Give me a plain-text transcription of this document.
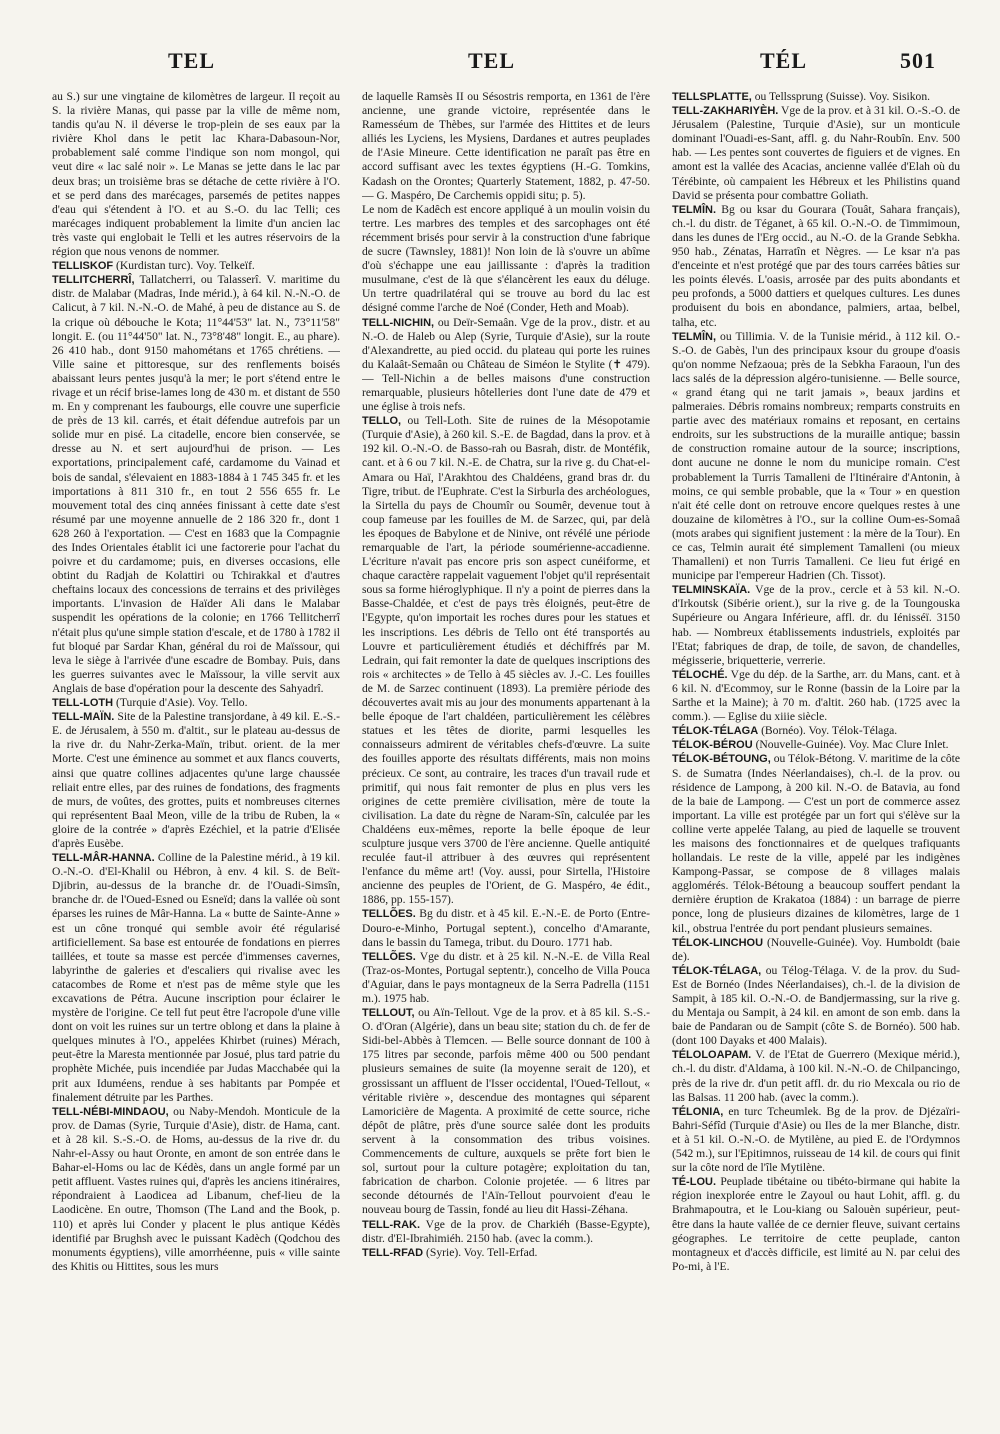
TEL	TEL	TÉL	501

au S.) sur une vingtaine de kilomètres de largeur. Il reçoit au S. la rivière Manas, qui passe par la ville de même nom, tandis qu'au N. il déverse le trop-plein de ses eaux par la rivière Khol dans le petit lac Khara-Dabasoun-Nor, probablement salé comme l'indique son nom mongol, qui veut dire « lac salé noir ». Le Manas se jette dans le lac par deux bras; un troisième bras se détache de cette rivière à l'O. et se perd dans des marécages, parsemés de petites nappes d'eau qui s'étendent à l'O. et au S.-O. du lac Telli; ces marécages indiquent probablement la limite d'un ancien lac très vaste qui englobait le Telli et les autres réservoirs de la région que nous venons de nommer.

TELLISKOF (Kurdistan turc). Voy. Telkeïf.

TELLITCHERRÎ, Tallatcherri, ou Talasserî. V. maritime du distr. de Malabar (Madras, Inde mérid.), à 64 kil. N.-N.-O. de Calicut, à 7 kil. N.-N.-O. de Mahé, à peu de distance au S. de la crique où débouche le Kota; 11°44'53" lat. N., 73°11'58" longit. E. (ou 11°44'50" lat. N., 73°8'48" longit. E., au phare). 26 410 hab., dont 9150 mahométans et 1765 chrétiens. — Ville saine et pittoresque, sur des renflements boisés abaissant leurs pentes jusqu'à la mer; le port s'étend entre le rivage et un récif brise-lames long de 430 m. et distant de 550 m. En y comprenant les faubourgs, elle couvre une superficie de près de 13 kil. carrés, et était défendue autrefois par un solide mur en pisé. La citadelle, encore bien conservée, se dresse au N. et sert aujourd'hui de prison. — Les exportations, principalement café, cardamome du Vainad et bois de sandal, s'élevaient en 1883-1884 à 1 745 345 fr. et les importations à 811 310 fr., en tout 2 556 655 fr. Le mouvement total des cinq années finissant à cette date s'est résumé par une moyenne annuelle de 2 186 320 fr., dont 1 628 260 à l'exportation. — C'est en 1683 que la Compagnie des Indes Orientales établit ici une factorerie pour l'achat du poivre et du cardamome; puis, en diverses occasions, elle obtint du Radjah de Kolattiri ou Tchirakkal et d'autres cheftains locaux des concessions de terrains et des privilèges importants. L'invasion de Haïder Ali dans le Malabar suspendit les opérations de la colonie; en 1766 Tellitcherrî n'était plus qu'une simple station d'escale, et de 1780 à 1782 il fut bloqué par Sardar Khan, général du roi de Maïssour, qui leva le siège à l'arrivée d'une escadre de Bombay. Puis, dans les guerres suivantes avec le Maïssour, la ville servit aux Anglais de base d'opération pour la descente des Sahyadrî.

TELL-LOTH (Turquie d'Asie). Voy. Tello.

TELL-MAÏN. Site de la Palestine transjordane, à 49 kil. E.-S.-E. de Jérusalem, à 550 m. d'altit., sur le plateau au-dessus de la rive dr. du Nahr-Zerka-Maïn, tribut. orient. de la mer Morte. C'est une éminence au sommet et aux flancs couverts, ainsi que quatre collines adjacentes qu'une large chaussée reliait entre elles, par des ruines de fondations, des fragments de murs, de voûtes, des grottes, puits et nombreuses citernes qui représentent Baal Meon, ville de la tribu de Ruben, la « gloire de la contrée » d'après Ezéchiel, et la patrie d'Elisée d'après Eusèbe.

TELL-MÂR-HANNA. Colline de la Palestine mérid., à 19 kil. O.-N.-O. d'El-Khalil ou Hébron, à env. 4 kil. S. de Beït-Djibrin, au-dessus de la branche dr. de l'Ouadi-Simsîn, branche dr. de l'Oued-Esned ou Esneïd; dans la vallée où sont éparses les ruines de Mâr-Hanna. La « butte de Sainte-Anne » est un cône tronqué qui semble avoir été régularisé artificiellement. Sa base est entourée de fondations en pierres taillées, et toute sa masse est percée d'immenses cavernes, labyrinthe de galeries et d'escaliers qui rivalise avec les catacombes de Rome et n'est pas de même style que les excavations de Pétra. Aucune inscription pour éclairer le mystère de l'origine. Ce tell fut peut être l'acropole d'une ville dont on voit les ruines sur un tertre oblong et dans la plaine à quelques minutes à l'O., appelées Khirbet (ruines) Mérach, peut-être la Maresta mentionnée par Josué, plus tard patrie du prophète Michée, puis incendiée par Judas Macchabée qui la prit aux Iduméens, rendue à ses habitants par Pompée et finalement détruite par les Parthes.

TELL-NÉBI-MINDAOU, ou Naby-Mendoh. Monticule de la prov. de Damas (Syrie, Turquie d'Asie), distr. de Hama, cant. et à 28 kil. S.-S.-O. de Homs, au-dessus de la rive dr. du Nahr-el-Assy ou haut Oronte, en amont de son entrée dans le Bahar-el-Homs ou lac de Kédès, dans un angle formé par un petit affluent. Vastes ruines qui, d'après les anciens itinéraires, répondraient à Laodicea ad Libanum, chef-lieu de la Laodicène. En outre, Thomson (The Land and the Book, p. 110) et après lui Conder y placent le plus antique Kédès identifié par Brughsh avec le puissant Kadèch (Qodchou des monuments égyptiens), ville amorrhéenne, puis « ville sainte des Khitis ou Hittites, sous les murs

de laquelle Ramsès II ou Sésostris remporta, en 1361 de l'ère ancienne, une grande victoire, représentée dans le Ramesséum de Thèbes, sur l'armée des Hittites et de leurs alliés les Lyciens, les Mysiens, Dardanes et autres peuplades de l'Asie Mineure. Cette identification ne paraît pas être en accord suffisant avec les textes égyptiens (H.-G. Tomkins, Kadash on the Orontes; Quarterly Statement, 1882, p. 47-50. — G. Maspéro, De Carchemis oppidi situ; p. 5).

Le nom de Kadêch est encore appliqué à un moulin voisin du tertre. Les marbres des temples et des sarcophages ont été récemment brisés pour servir à la construction d'une fabrique de sucre (Tawnsley, 1881)! Non loin de là s'ouvre un abîme d'où s'échappe une eau jaillissante : d'après la tradition musulmane, c'est de là que s'élancèrent les eaux du déluge. Un tertre quadrilatéral qui se trouve au bord du lac est désigné comme l'arche de Noé (Conder, Heth and Moab).

TELL-NICHIN, ou Deïr-Semaân. Vge de la prov., distr. et au N.-O. de Haleb ou Alep (Syrie, Turquie d'Asie), sur la route d'Alexandrette, au pied occid. du plateau qui porte les ruines du Kalaât-Semaân ou Château de Siméon le Stylite (✝ 479). — Tell-Nichin a de belles maisons d'une construction remarquable, plusieurs hôtelleries dont l'une date de 479 et une église à trois nefs.

TELLO, ou Tell-Loth. Site de ruines de la Mésopotamie (Turquie d'Asie), à 260 kil. S.-E. de Bagdad, dans la prov. et à 192 kil. O.-N.-O. de Basso-rah ou Basrah, distr. de Montéfik, cant. et à 6 ou 7 kil. N.-E. de Chatra, sur la rive g. du Chat-el-Amara ou Haï, l'Arakhtou des Chaldéens, grand bras dr. du Tigre, tribut. de l'Euphrate. C'est la Sirburla des archéologues, la Sirtella du pays de Choumîr ou Soumêr, devenue tout à coup fameuse par les fouilles de M. de Sarzec, qui, par delà les époques de Babylone et de Ninive, ont révélé une période remarquable de l'art, la période soumérienne-accadienne. L'écriture n'avait pas encore pris son aspect cunéiforme, et chaque caractère rappelait vaguement l'objet qu'il représentait sous sa forme hiéroglyphique. Il n'y a point de pierres dans la Basse-Chaldée, et c'est de pays très éloignés, peut-être de l'Egypte, qu'on importait les roches dures pour les statues et les inscriptions. Les débris de Tello ont été transportés au Louvre et particulièrement étudiés et déchiffrés par M. Ledrain, qui fait remonter la date de quelques inscriptions des rois « architectes » de Tello à 45 siècles av. J.-C. Les fouilles de M. de Sarzec continuent (1893). La première période des découvertes avait mis au jour des monuments appartenant à la belle époque de l'art chaldéen, particulièrement les célèbres statues et les têtes de diorite, parmi lesquelles les connaisseurs admirent de véritables chefs-d'œuvre. La suite des fouilles apporte des résultats différents, mais non moins précieux. Ce sont, au contraire, les traces d'un travail rude et primitif, qui nous fait remonter de plus en plus vers les origines de cette première civilisation, mère de toute la civilisation. La date du règne de Naram-Sîn, calculée par les Chaldéens eux-mêmes, reporte la belle époque de leur sculpture jusque vers 3700 de l'ère ancienne. Quelle antiquité reculée faut-il attribuer à des œuvres qui représentent l'enfance du même art! (Voy. aussi, pour Sirtella, l'Histoire ancienne des peuples de l'Orient, de G. Maspéro, 4e édit., 1886, pp. 155-157).

TELLÕES. Bg du distr. et à 45 kil. E.-N.-E. de Porto (Entre-Douro-e-Minho, Portugal septent.), concelho d'Amarante, dans le bassin du Tamega, tribut. du Douro. 1771 hab.

TELLÕES. Vge du distr. et à 25 kil. N.-N.-E. de Villa Real (Traz-os-Montes, Portugal septentr.), concelho de Villa Pouca d'Aguiar, dans le pays montagneux de la Serra Padrella (1151 m.). 1975 hab.

TELLOUT, ou Aïn-Tellout. Vge de la prov. et à 85 kil. S.-S.-O. d'Oran (Algérie), dans un beau site; station du ch. de fer de Sidi-bel-Abbès à Tlemcen. — Belle source donnant de 100 à 175 litres par seconde, parfois même 400 ou 500 pendant plusieurs semaines de suite (la moyenne serait de 120), et grossissant un affluent de l'Isser occidental, l'Oued-Tellout, « véritable rivière », descendue des montagnes qui séparent Lamoricière de Magenta. A proximité de cette source, riche dépôt de plâtre, près d'une source salée dont les produits servent à la consommation des tribus voisines. Commencements de culture, auxquels se prête fort bien le sol, surtout pour la culture potagère; exploitation du tan, fabrication de charbon. Colonie projetée. — 6 litres par seconde détournés de l'Aïn-Tellout pourvoient d'eau le nouveau bourg de Tassin, fondé au lieu dit Hassi-Zéhana.

TELL-RAK. Vge de la prov. de Charkiéh (Basse-Egypte), distr. d'El-Ibrahimiéh. 2150 hab. (avec la comm.).

TELL-RFAD (Syrie). Voy. Tell-Erfad.

TELLSPLATTE, ou Tellssprung (Suisse). Voy. Sisikon.

TELL-ZAKHARIYÈH. Vge de la prov. et à 31 kil. O.-S.-O. de Jérusalem (Palestine, Turquie d'Asie), sur un monticule dominant l'Ouadi-es-Sant, affl. g. du Nahr-Roubîn. Env. 500 hab. — Les pentes sont couvertes de figuiers et de vignes. En amont est la vallée des Acacias, ancienne vallée d'Elah où du Térébinte, où campaient les Hébreux et les Philistins quand David se présenta pour combattre Goliath.

TELMÎN. Bg ou ksar du Gourara (Touât, Sahara français), ch.-l. du distr. de Téganet, à 65 kil. O.-N.-O. de Timmimoun, dans les dunes de l'Erg occid., au N.-O. de la Grande Sebkha. 950 hab., Zénatas, Harratîn et Nègres. — Le ksar n'a pas d'enceinte et n'est protégé que par des tours carrées bâties sur les points élevés. L'oasis, arrosée par des puits abondants et peu profonds, a 5000 dattiers et quelques cultures. Les dunes produisent du bois en abondance, palmiers, artaa, belbel, talha, etc.

TELMÎN, ou Tillimia. V. de la Tunisie mérid., à 112 kil. O.-S.-O. de Gabès, l'un des principaux ksour du groupe d'oasis qu'on nomme Nefzaoua; près de la Sebkha Faraoun, l'un des lacs salés de la dépression algéro-tunisienne. — Belle source, « grand étang qui ne tarit jamais », beaux jardins et palmeraies. Débris romains nombreux; remparts construits en partie avec des matériaux romains et reposant, en certains endroits, sur les substructions de la muraille antique; bassin de construction romaine autour de la source; inscriptions, dont aucune ne donne le nom du municipe romain. C'est probablement la Turris Tamalleni de l'Itinéraire d'Antonin, à moins, ce qui semble probable, que la « Tour » en question n'ait été celle dont on retrouve encore quelques restes à une douzaine de kilomètres à l'O., sur la colline Oum-es-Somaâ (mots arabes qui signifient justement : la mère de la Tour). En ce cas, Telmin aurait été simplement Tamalleni (ou mieux Thamalleni) et non Turris Tamalleni. Ce lieu fut érigé en municipe par l'empereur Hadrien (Ch. Tissot).

TELMINSKAÏA. Vge de la prov., cercle et à 53 kil. N.-O. d'Irkoutsk (Sibérie orient.), sur la rive g. de la Toungouska Supérieure ou Angara Inférieure, affl. dr. du Iénisséï. 3150 hab. — Nombreux établissements industriels, exploités par l'Etat; fabriques de drap, de toile, de savon, de chandelles, mégisserie, briquetterie, verrerie.

TÉLOCHÉ. Vge du dép. de la Sarthe, arr. du Mans, cant. et à 6 kil. N. d'Ecommoy, sur le Ronne (bassin de la Loire par la Sarthe et la Maine); à 70 m. d'altit. 260 hab. (1725 avec la comm.). — Eglise du xiiie siècle.

TÉLOK-TÉLAGA (Bornéo). Voy. Télok-Télaga.

TÉLOK-BÉROU (Nouvelle-Guinée). Voy. Mac Clure Inlet.

TÉLOK-BÉTOUNG, ou Télok-Bétong. V. maritime de la côte S. de Sumatra (Indes Néerlandaises), ch.-l. de la prov. ou résidence de Lampong, à 200 kil. N.-O. de Batavia, au fond de la baie de Lampong. — C'est un port de commerce assez important. La ville est protégée par un fort qui s'élève sur la colline verte appelée Talang, au pied de laquelle se trouvent les maisons des fonctionnaires et de quelques trafiquants hollandais. Le reste de la ville, appelé par les indigènes Kampong-Passar, se compose de 8 villages malais agglomérés. Télok-Bétoung a beaucoup souffert pendant la dernière éruption de Krakatoa (1884) : un barrage de pierre ponce, long de plusieurs dizaines de kilomètres, large de 1 kil., obstrua l'entrée du port pendant plusieurs semaines.

TÉLOK-LINCHOU (Nouvelle-Guinée). Voy. Humboldt (baie de).

TÉLOK-TÉLAGA, ou Télog-Télaga. V. de la prov. du Sud-Est de Bornéo (Indes Néerlandaises), ch.-l. de la division de Sampit, à 185 kil. O.-N.-O. de Bandjermassing, sur la rive g. du Mentaja ou Sampit, à 24 kil. en amont de son emb. dans la baie de Pandaran ou de Sampit (côte S. de Bornéo). 500 hab. (dont 100 Dayaks et 400 Malais).

TÉLOLOAPAM. V. de l'Etat de Guerrero (Mexique mérid.), ch.-l. du distr. d'Aldama, à 100 kil. N.-N.-O. de Chilpancingo, près de la rive dr. d'un petit affl. dr. du rio Mexcala ou rio de las Balsas. 11 200 hab. (avec la comm.).

TÉLONIA, en turc Tcheumlek. Bg de la prov. de Djézaïri-Bahri-Séfîd (Turquie d'Asie) ou Iles de la mer Blanche, distr. et à 51 kil. O.-N.-O. de Mytilène, au pied E. de l'Ordymnos (542 m.), sur l'Epitimnos, ruisseau de 14 kil. de cours qui finit sur la côte nord de l'île Mytilène.

TÉ-LOU. Peuplade tibétaine ou tibéto-birmane qui habite la région inexplorée entre le Zayoul ou haut Lohit, affl. g. du Brahmapoutra, et le Lou-kiang ou Salouèn supérieur, peut-être dans la haute vallée de ce dernier fleuve, suivant certains géographes. Le territoire de cette peuplade, canton montagneux et d'accès difficile, est limité au N. par celui des Po-mi, à l'E.
